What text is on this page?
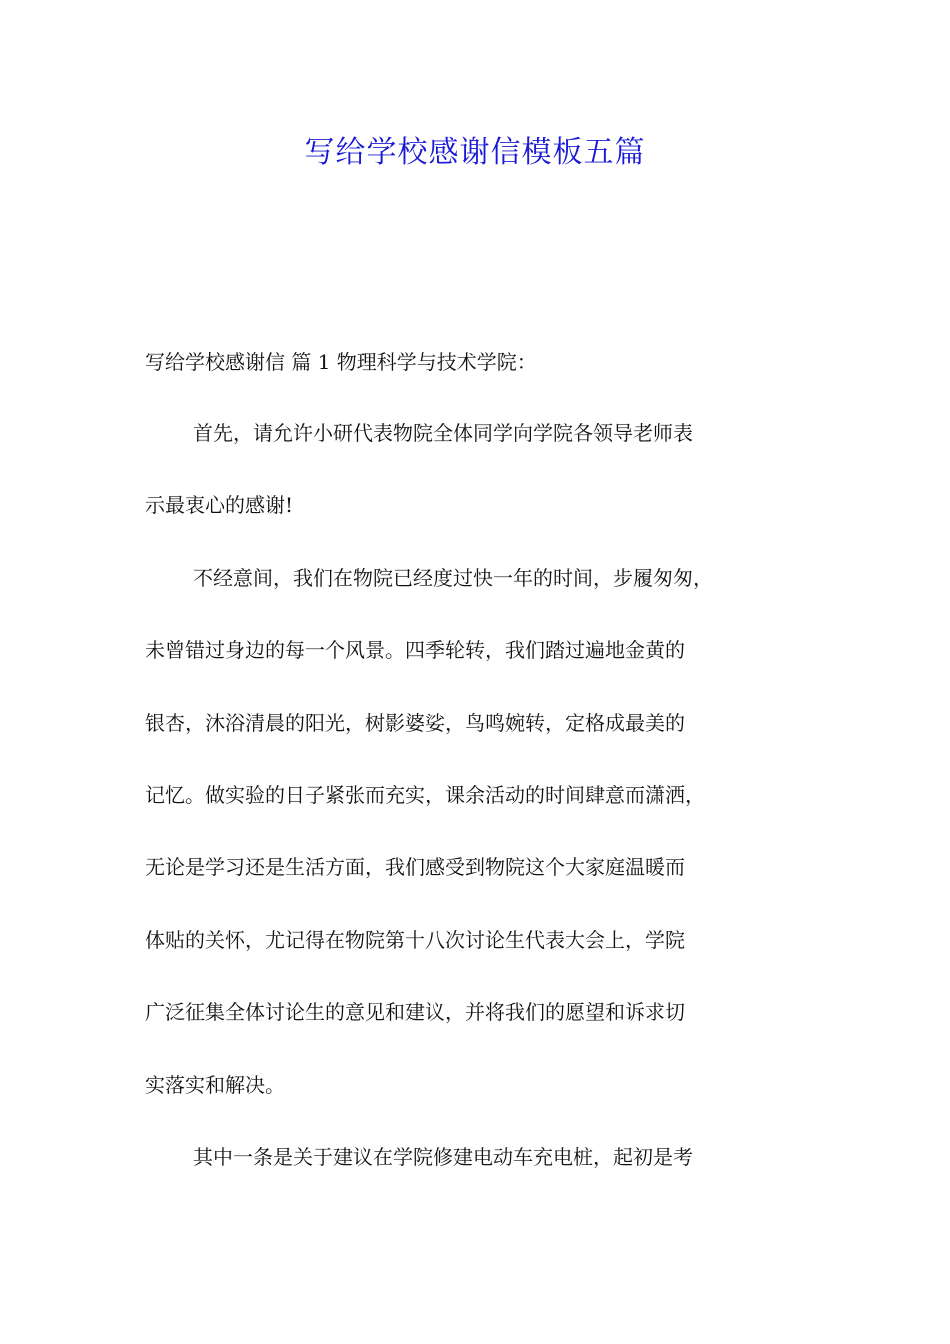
写给学校感谢信模板五篇
写给学校感谢信 篇 1 物理科学与技术学院：
首先，请允许小研代表物院全体同学向学院各领导老师表
示最衷心的感谢!
不经意间，我们在物院已经度过快一年的时间，步履匆匆，
未曾错过身边的每一个风景。四季轮转，我们踏过遍地金黄的
银杏，沐浴清晨的阳光，树影婆娑，鸟鸣婉转，定格成最美的
记忆。做实验的日子紧张而充实，课余活动的时间肆意而潇洒，
无论是学习还是生活方面，我们感受到物院这个大家庭温暖而
体贴的关怀，尤记得在物院第十八次讨论生代表大会上，学院
广泛征集全体讨论生的意见和建议，并将我们的愿望和诉求切
实落实和解决。
其中一条是关于建议在学院修建电动车充电桩，起初是考
